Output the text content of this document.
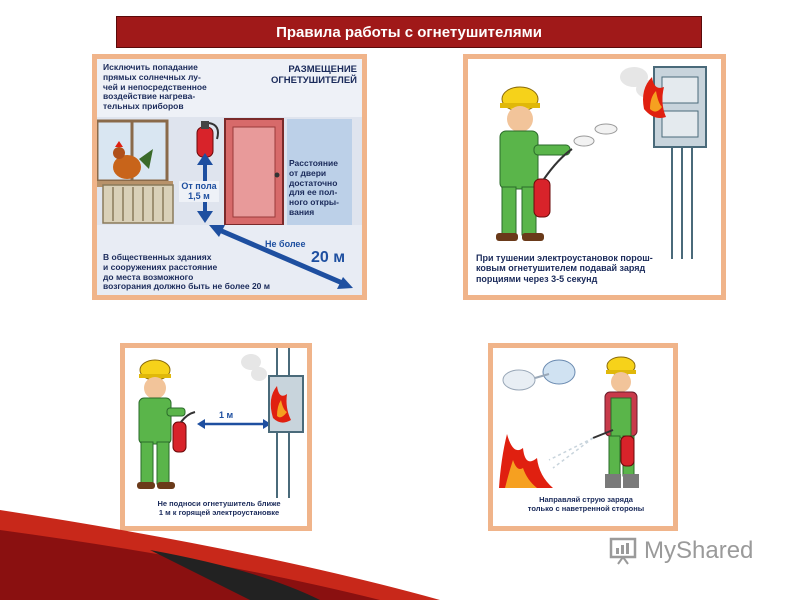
Правила работы с огнетушителями
Исключить попадание
прямых солнечных лу-
чей и непосредственное
воздействие нагрева-
тельных приборов
РАЗМЕЩЕНИЕ
ОГНЕТУШИТЕЛЕЙ
От пола
1,5 м
Расстояние
от двери
достаточно
для ее пол-
ного откры-
вания
Не более
20 м
В общественных зданиях
и сооружениях расстояние
до места возможного
возгорания должно быть не более 20 м
При тушении электроустановок порош-
ковым огнетушителем подавай заряд
порциями через 3-5 секунд
1 м
Не подноси огнетушитель ближе
1 м к горящей электроустановке
Направляй струю заряда
только с наветренной стороны
MyShared
